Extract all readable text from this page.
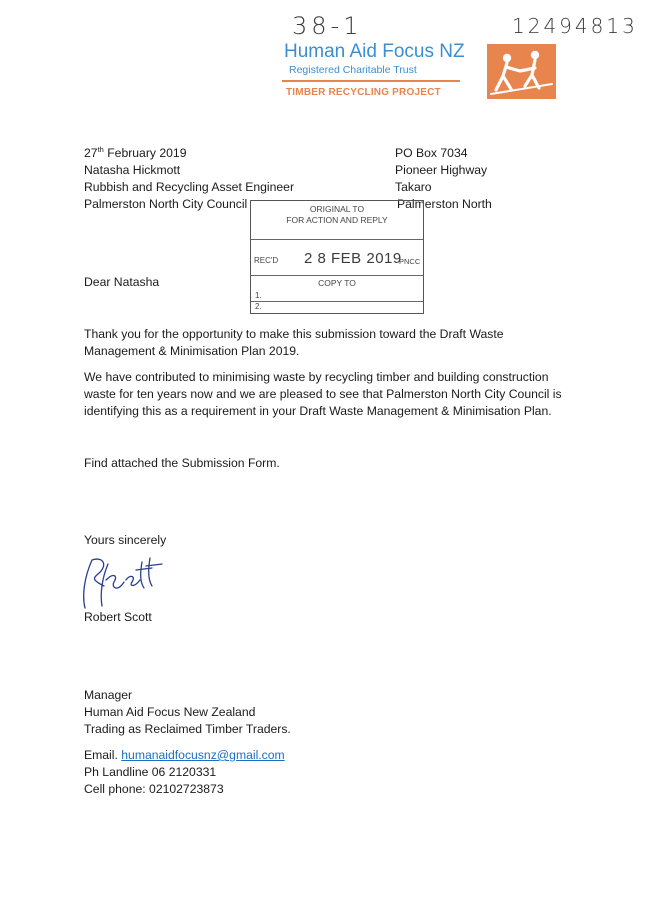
38-1	12494813
Human Aid Focus NZ
Registered Charitable Trust
TIMBER RECYCLING PROJECT
27th February 2019
Natasha Hickmott
Rubbish and Recycling Asset Engineer
Palmerston North City Council
PO Box 7034
Pioneer Highway
Takaro
Palmerston North
ORIGINAL TO
FOR ACTION AND REPLY
REC'D 2 8 FEB 2019
PNCC
COPY TO
1.
2.
Dear Natasha
Thank you for the opportunity to make this submission toward the Draft Waste
Management & Minimisation Plan 2019.
We have contributed to minimising waste by recycling timber and building construction
waste for ten years now and we are pleased to see that Palmerston North City Council is
identifying this as a requirement in your Draft Waste Management & Minimisation Plan.
Find attached the Submission Form.
Yours sincerely
Robert Scott
Manager
Human Aid Focus New Zealand
Trading as Reclaimed Timber Traders.
Email. humanaidfocusnz@gmail.com
Ph Landline 06 2120331
Cell phone: 02102723873
